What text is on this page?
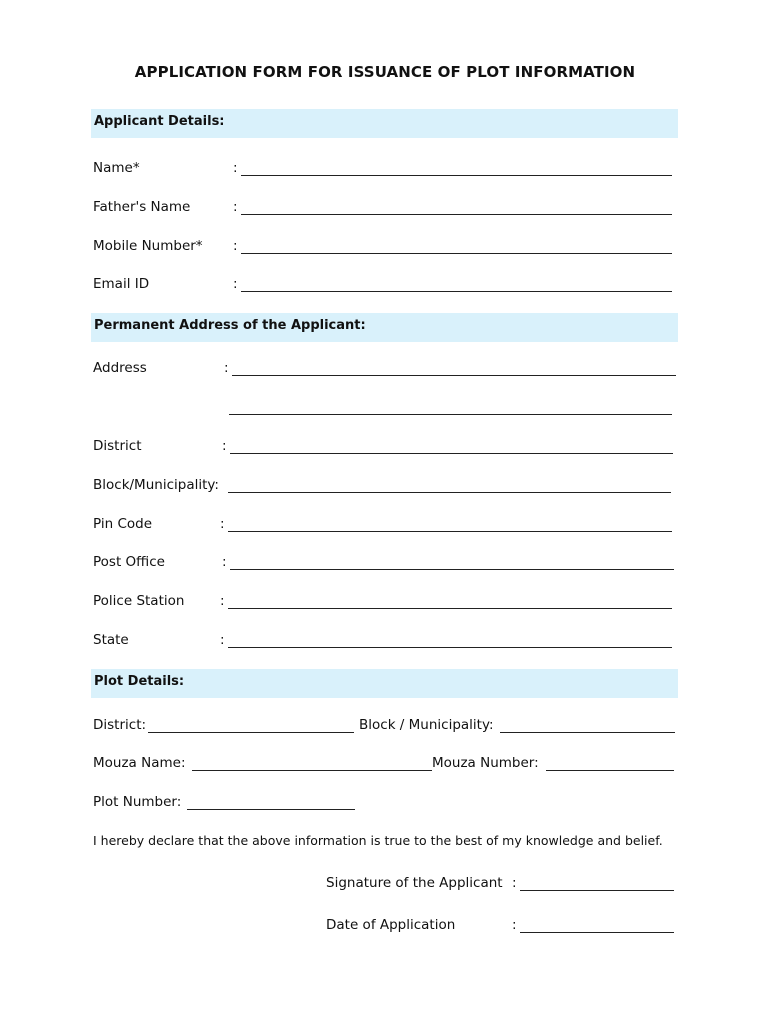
APPLICATION FORM FOR ISSUANCE OF PLOT INFORMATION
Applicant Details:
Name*	:
Father's Name	:
Mobile Number* :
Email ID	:
Permanent Address of the Applicant:
Address	:
District	:
Block/Municipality:
Pin Code	:
Post Office	:
Police Station	:
State	:
Plot Details:
District:	Block / Municipality:
Mouza Name:	Mouza Number:
Plot Number:
I hereby declare that the above information is true to the best of my knowledge and belief.
Signature of the Applicant :
Date of Application	:
